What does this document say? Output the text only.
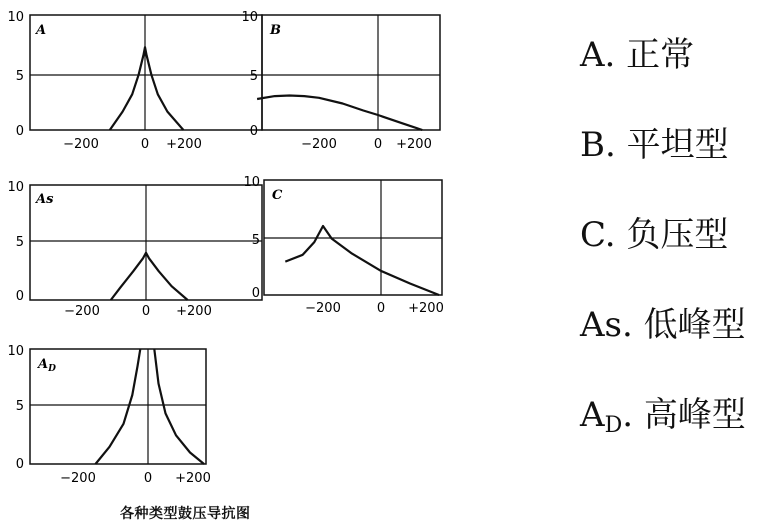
A
10
5
0
−200	0 +200
B
10
5
0
−200	0 +200
As
10
5
0
−200	0 +200
C
10
5
0
−200	0 +200
$A_D$
10
5
0
−200	0 +200
各种类型鼓压导抗图
A. 正常
B. 平坦型
C. 负压型
As. 低峰型
$A_D$. 高峰型
